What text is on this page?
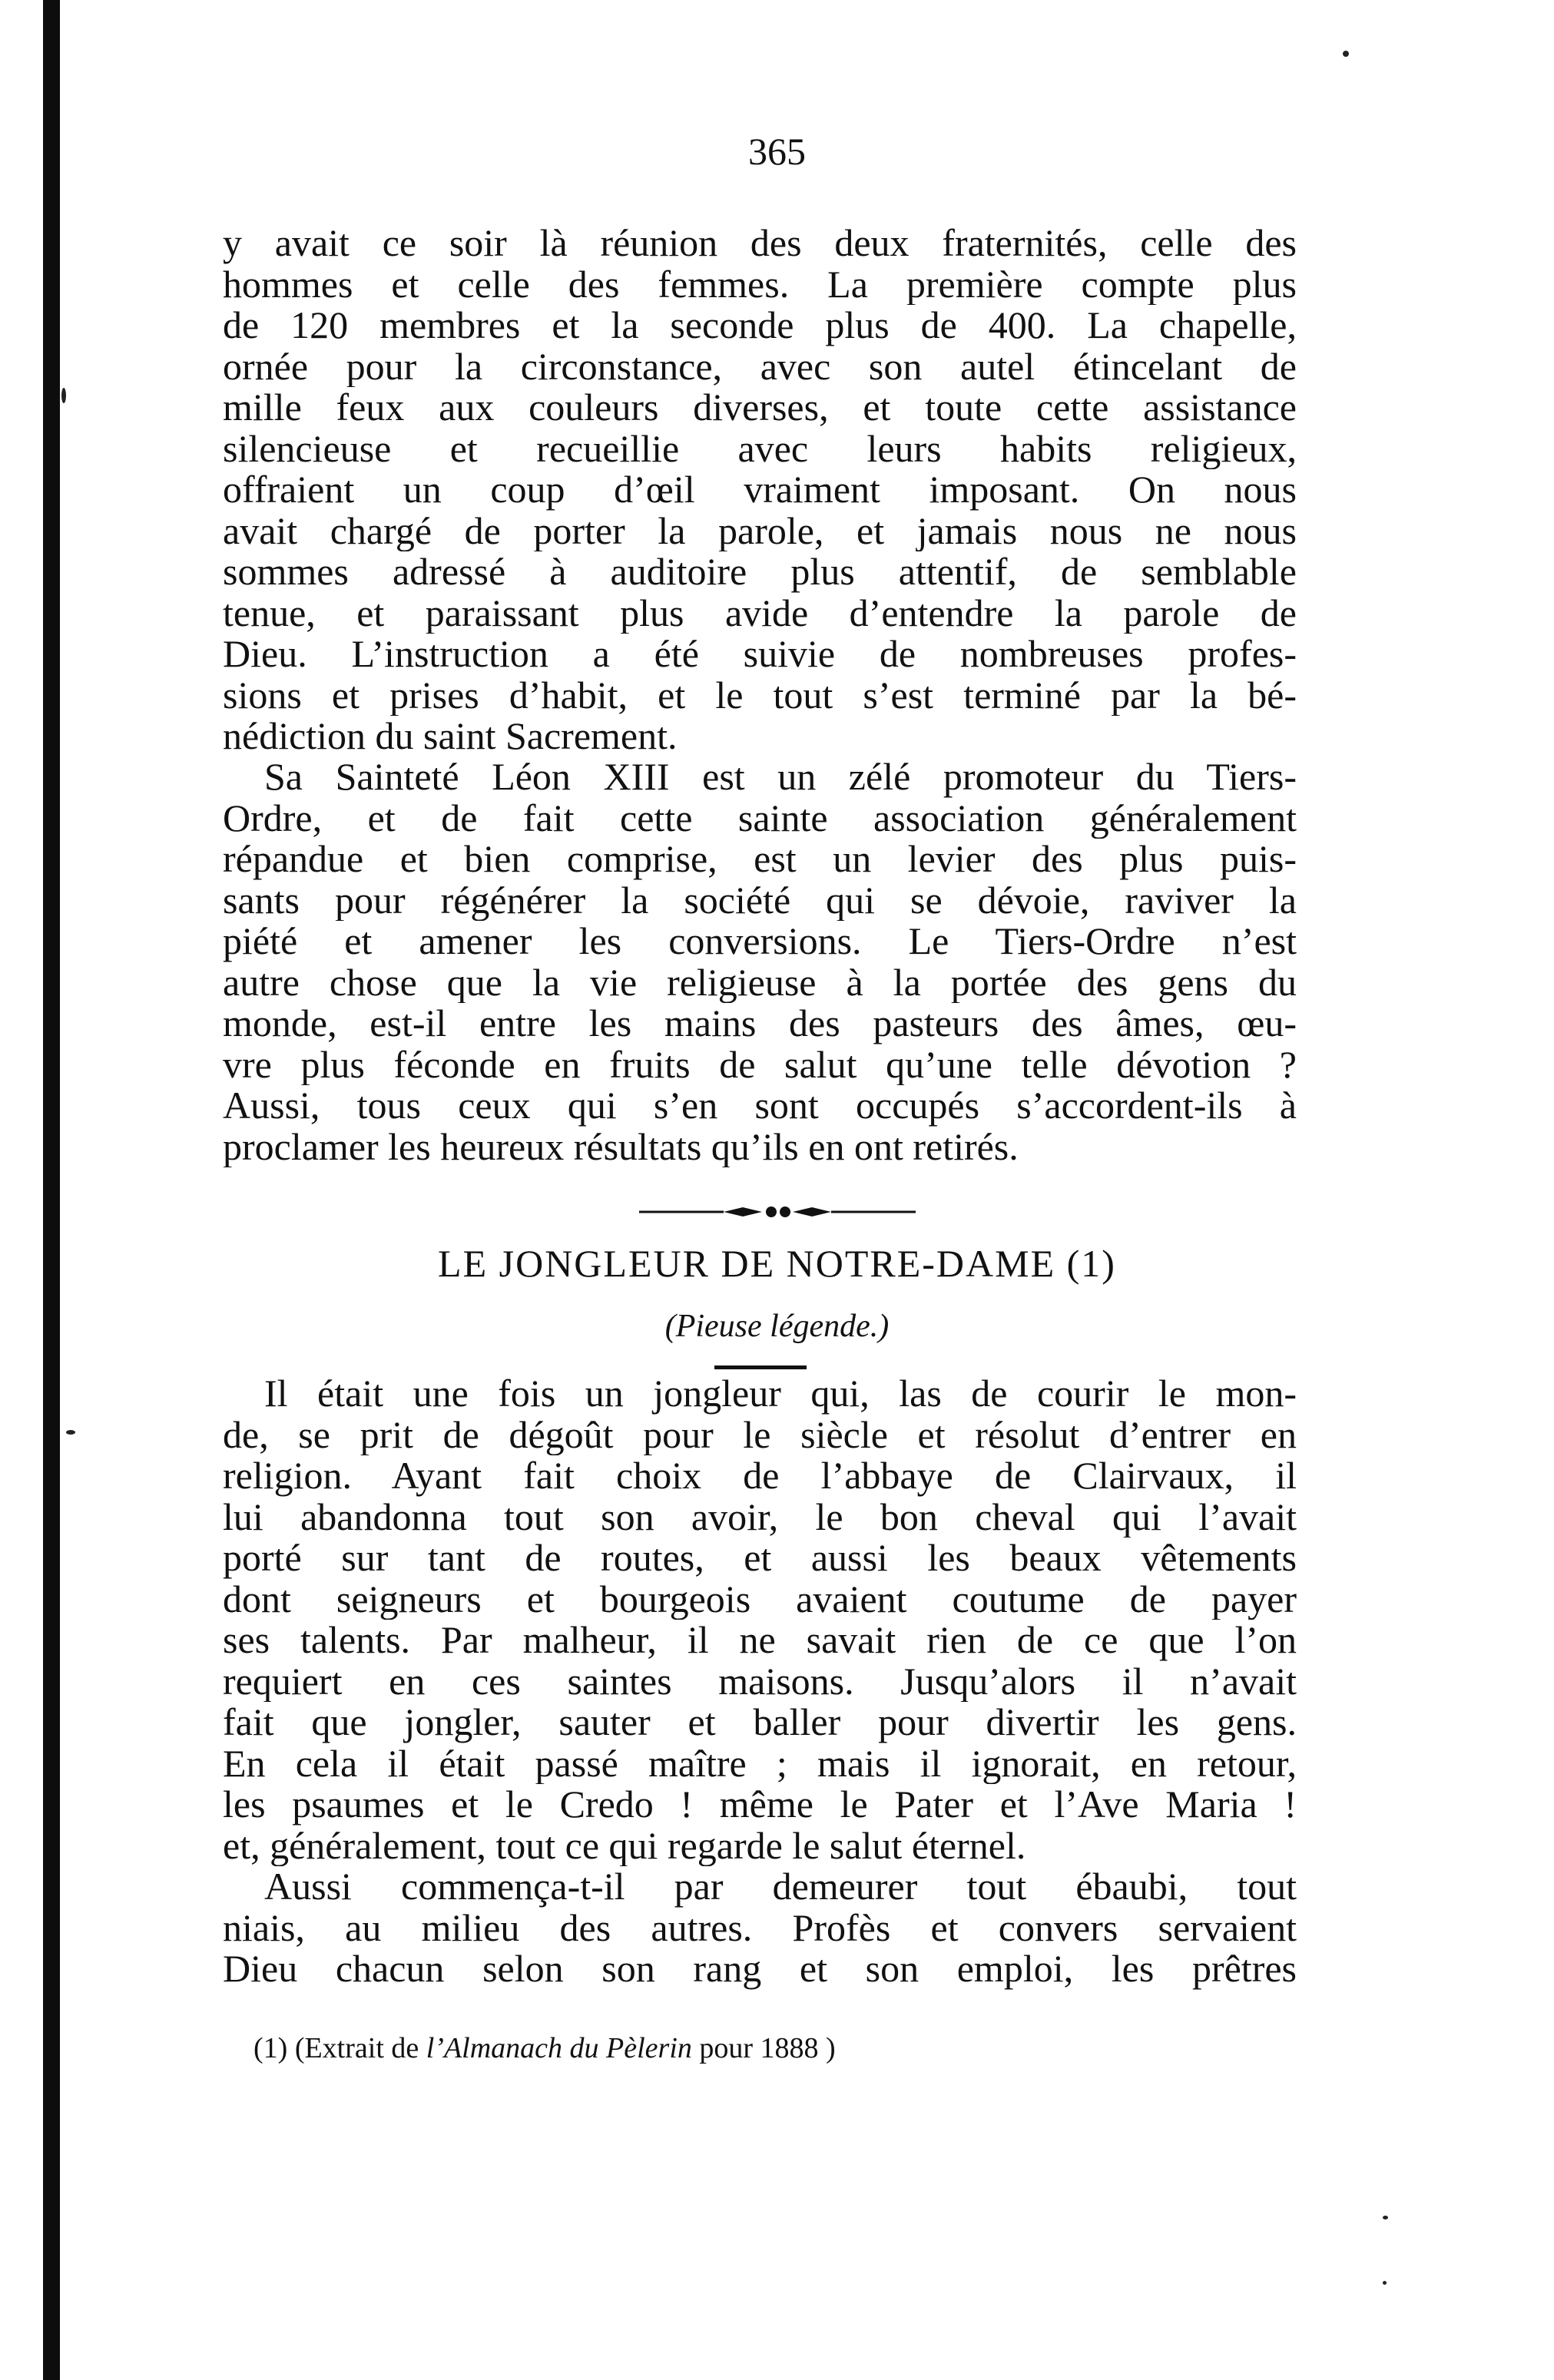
365
y avait ce soir là réunion des deux fraternités, celle des
hommes et celle des femmes. La première compte plus
de 120 membres et la seconde plus de 400. La chapelle,
ornée pour la circonstance, avec son autel étincelant de
mille feux aux couleurs diverses, et toute cette assistance
silencieuse et recueillie avec leurs habits religieux,
offraient un coup d’œil vraiment imposant. On nous
avait chargé de porter la parole, et jamais nous ne nous
sommes adressé à auditoire plus attentif, de semblable
tenue, et paraissant plus avide d’entendre la parole de
Dieu. L’instruction a été suivie de nombreuses profes-
sions et prises d’habit, et le tout s’est terminé par la bé-
nédiction du saint Sacrement.
Sa Sainteté Léon XIII est un zélé promoteur du Tiers-
Ordre, et de fait cette sainte association généralement
répandue et bien comprise, est un levier des plus puis-
sants pour régénérer la société qui se dévoie, raviver la
piété et amener les conversions. Le Tiers-Ordre n’est
autre chose que la vie religieuse à la portée des gens du
monde, est-il entre les mains des pasteurs des âmes, œu-
vre plus féconde en fruits de salut qu’une telle dévotion ?
Aussi, tous ceux qui s’en sont occupés s’accordent-ils à
proclamer les heureux résultats qu’ils en ont retirés.
LE JONGLEUR DE NOTRE-DAME (1)
(Pieuse légende.)
Il était une fois un jongleur qui, las de courir le mon-
de, se prit de dégoût pour le siècle et résolut d’entrer en
religion. Ayant fait choix de l’abbaye de Clairvaux, il
lui abandonna tout son avoir, le bon cheval qui l’avait
porté sur tant de routes, et aussi les beaux vêtements
dont seigneurs et bourgeois avaient coutume de payer
ses talents. Par malheur, il ne savait rien de ce que l’on
requiert en ces saintes maisons. Jusqu’alors il n’avait
fait que jongler, sauter et baller pour divertir les gens.
En cela il était passé maître ; mais il ignorait, en retour,
les psaumes et le Credo ! même le Pater et l’Ave Maria !
et, généralement, tout ce qui regarde le salut éternel.
Aussi commença-t-il par demeurer tout ébaubi, tout
niais, au milieu des autres. Profès et convers servaient
Dieu chacun selon son rang et son emploi, les prêtres
(1) (Extrait de l’Almanach du Pèlerin pour 1888 )
